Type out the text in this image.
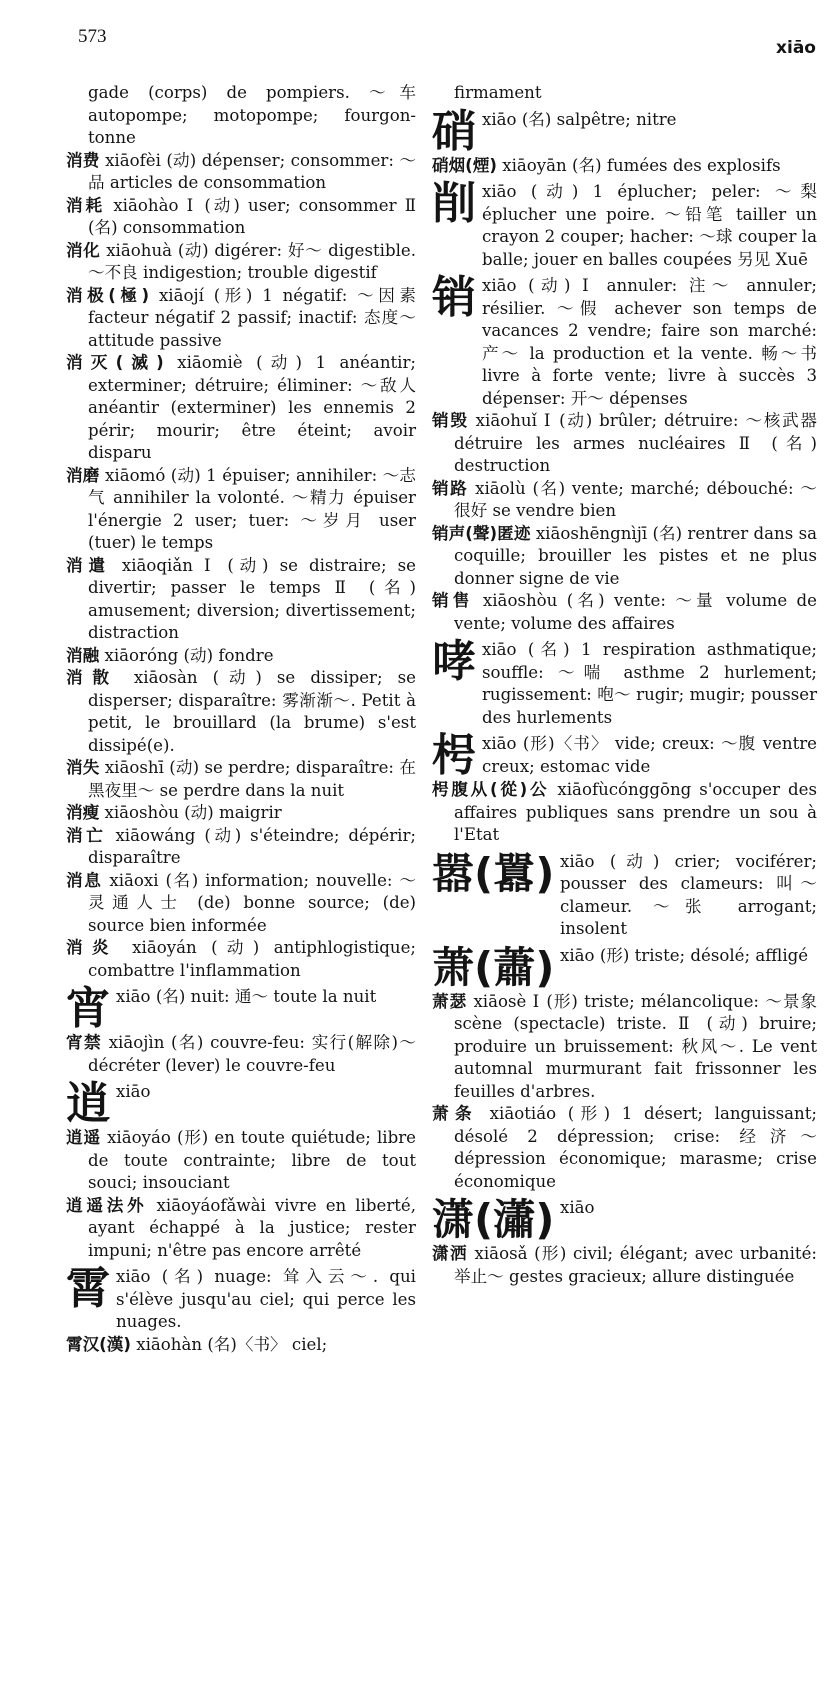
573
xiāo

gade (corps) de pompiers. ～车 autopompe; motopompe; fourgon-tonne

消费 xiāofèi (动) dépenser; consommer: ～品 articles de consommation

消耗 xiāohào Ⅰ (动) user; consommer Ⅱ (名) consommation

消化 xiāohuà (动) digérer: 好～ digestible. ～不良 indigestion; trouble digestif

消极(極) xiāojí (形) 1 négatif: ～因素 facteur négatif 2 passif; inactif: 态度～ attitude passive

消灭(滅) xiāomiè (动) 1 anéantir; exterminer; détruire; éliminer: ～敌人 anéantir (exterminer) les ennemis 2 périr; mourir; être éteint; avoir disparu

消磨 xiāomó (动) 1 épuiser; annihiler: ～志气 annihiler la volonté. ～精力 épuiser l'énergie 2 user; tuer: ～岁月 user (tuer) le temps

消遣 xiāoqiǎn Ⅰ (动) se distraire; se divertir; passer le temps Ⅱ (名) amusement; diversion; divertissement; distraction

消融 xiāoróng (动) fondre

消散 xiāosàn (动) se dissiper; se disperser; disparaître: 雾渐渐～. Petit à petit, le brouillard (la brume) s'est dissipé(e).

消失 xiāoshī (动) se perdre; disparaître: 在黑夜里～ se perdre dans la nuit

消瘦 xiāoshòu (动) maigrir

消亡 xiāowáng (动) s'éteindre; dépérir; disparaître

消息 xiāoxi (名) information; nouvelle: ～灵通人士 (de) bonne source; (de) source bien informée

消炎 xiāoyán (动) antiphlogistique; combattre l'inflammation

宵 xiāo (名) nuit: 通～ toute la nuit

宵禁 xiāojìn (名) couvre-feu: 实行(解除)～ décréter (lever) le couvre-feu

逍 xiāo

逍遥 xiāoyáo (形) en toute quiétude; libre de toute contrainte; libre de tout souci; insouciant

逍遥法外 xiāoyáofǎwài vivre en liberté, ayant échappé à la justice; rester impuni; n'être pas encore arrêté

霄 xiāo (名) nuage: 耸入云～. qui s'élève jusqu'au ciel; qui perce les nuages.

霄汉(漢) xiāohàn (名)〈书〉 ciel;

firmament

硝 xiāo (名) salpêtre; nitre

硝烟(煙) xiāoyān (名) fumées des explosifs

削 xiāo (动) 1 éplucher; peler: ～梨 éplucher une poire. ～铅笔 tailler un crayon 2 couper; hacher: ～球 couper la balle; jouer en balles coupées 另见 Xuē
销 xiāo (动) Ⅰ annuler: 注～ annuler; résilier. ～假 achever son temps de vacances 2 vendre; faire son marché: 产～ la production et la vente. 畅～书 livre à forte vente; livre à succès 3 dépenser: 开～ dépenses

销毁 xiāohuǐ Ⅰ (动) brûler; détruire: ～核武器 détruire les armes nucléaires Ⅱ (名) destruction

销路 xiāolù (名) vente; marché; débouché: ～很好 se vendre bien

销声(聲)匿迹 xiāoshēngnìjī (名) rentrer dans sa coquille; brouiller les pistes et ne plus donner signe de vie

销售 xiāoshòu (名) vente: ～量 volume de vente; volume des affaires

哮 xiāo (名) 1 respiration asthmatique; souffle: ～喘 asthme 2 hurlement; rugissement: 咆～ rugir; mugir; pousser des hurlements
枵 xiāo (形)〈书〉 vide; creux: ～腹 ventre creux; estomac vide

枵腹从(從)公 xiāofùcónggōng s'occuper des affaires publiques sans prendre un sou à l'Etat

嚣(囂) xiāo (动) crier; vociférer; pousser des clameurs: 叫～ clameur. ～张 arrogant; insolent
萧(蕭) xiāo (形) triste; désolé; affligé

萧瑟 xiāosè Ⅰ (形) triste; mélancolique: ～景象 scène (spectacle) triste. Ⅱ (动) bruire; produire un bruissement: 秋风～. Le vent automnal murmurant fait frissonner les feuilles d'arbres.

萧条 xiāotiáo (形) 1 désert; languissant; désolé 2 dépression; crise: 经济～ dépression économique; marasme; crise économique

潇(瀟) xiāo

潇洒 xiāosǎ (形) civil; élégant; avec urbanité: 举止～ gestes gracieux; allure distinguée
